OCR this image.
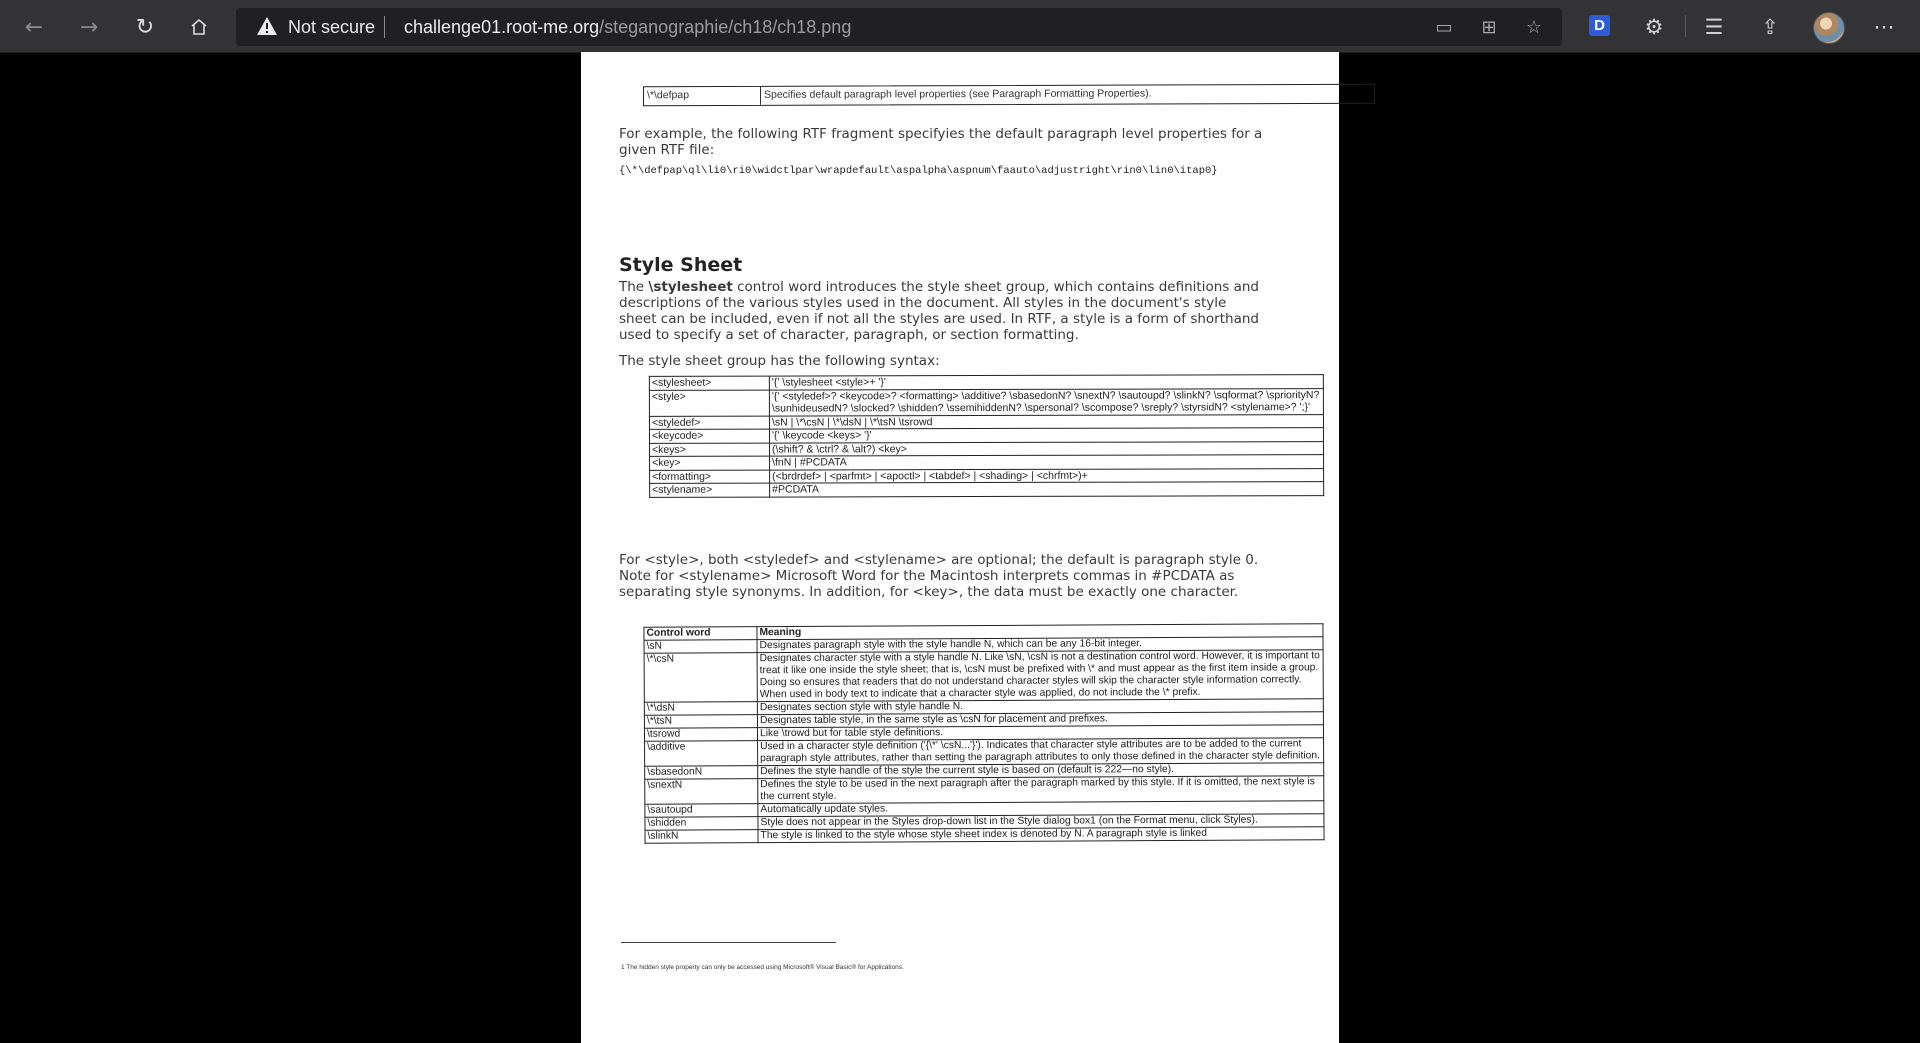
← → ↻	Not secure challenge01.root-me.org/steganographie/ch18/ch18.png	▭	⊞	☆	D	⚙	☰	⇪	⋯
\*\defpap	Specifies default paragraph level properties (see Paragraph Formatting Properties).
For example, the following RTF fragment specifyies the default paragraph level properties for a given RTF file:
{\*\defpap\ql\li0\ri0\widctlpar\wrapdefault\aspalpha\aspnum\faauto\adjustright\rin0\lin0\itap0}
Style Sheet
The \stylesheet control word introduces the style sheet group, which contains definitions and descriptions of the various styles used in the document. All styles in the document's style sheet can be included, even if not all the styles are used. In RTF, a style is a form of shorthand used to specify a set of character, paragraph, or section formatting.
The style sheet group has the following syntax:
<stylesheet>	'{' \stylesheet <style>+ '}'
<style>	'{' <styledef>? <keycode>? <formatting> \additive? \sbasedonN? \snextN? \sautoupd? \slinkN? \sqformat? \spriorityN? \sunhideusedN? \slocked? \shidden? \ssemihiddenN? \spersonal? \scompose? \sreply? \styrsidN? <stylename>? ';}'
<styledef>	\sN | \*\csN | \*\dsN | \*\tsN \tsrowd
<keycode>	'{' \keycode <keys> '}'
<keys>	(\shift? & \ctrl? & \alt?) <key>
<key>	\fnN | #PCDATA
<formatting>	(<brdrdef> | <parfmt> | <apoctl> | <tabdef> | <shading> | <chrfmt>)+
<stylename>	#PCDATA
For <style>, both <styledef> and <stylename> are optional; the default is paragraph style 0. Note for <stylename> Microsoft Word for the Macintosh interprets commas in #PCDATA as separating style synonyms. In addition, for <key>, the data must be exactly one character.
Control word	Meaning
\sN	Designates paragraph style with the style handle N, which can be any 16-bit integer.
\*\csN	Designates character style with a style handle N. Like \sN, \csN is not a destination control word. However, it is important to treat it like one inside the style sheet; that is, \csN must be prefixed with \* and must appear as the first item inside a group. Doing so ensures that readers that do not understand character styles will skip the character style information correctly. When used in body text to indicate that a character style was applied, do not include the \* prefix.
\*\dsN	Designates section style with style handle N.
\*\tsN	Designates table style, in the same style as \csN for placement and prefixes.
\tsrowd	Like \trowd but for table style definitions.
\additive	Used in a character style definition ('{\*' \csN...'}'). Indicates that character style attributes are to be added to the current paragraph style attributes, rather than setting the paragraph attributes to only those defined in the character style definition.
\sbasedonN	Defines the style handle of the style the current style is based on (default is 222—no style).
\snextN	Defines the style to be used in the next paragraph after the paragraph marked by this style. If it is omitted, the next style is the current style.
\sautoupd	Automatically update styles.
\shidden	Style does not appear in the Styles drop-down list in the Style dialog box1 (on the Format menu, click Styles).
\slinkN	The style is linked to the style whose style sheet index is denoted by N. A paragraph style is linked
1 The hidden style property can only be accessed using Microsoft® Visual Basic® for Applications.
